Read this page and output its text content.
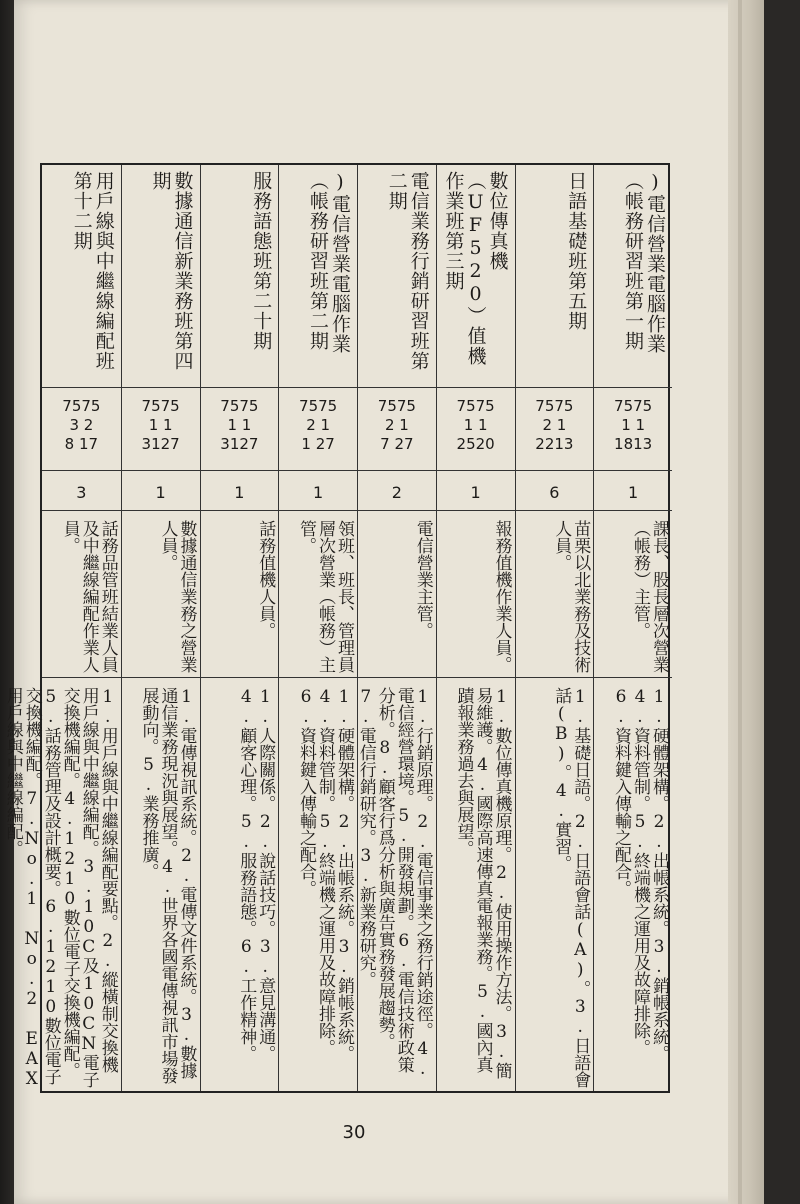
用戶線與中繼線編配班第十二期
7575
3 2
8 17
3
話務品管班結業人員及中繼線編配作業人員。
1.用戶線與中繼線編配要點。2.縱橫制交換機用戶線與中繼線編配。3.10C及10CN電子交換機編配。4.1210數位電子交換機編配。5.話務管理及設計概要。6.1210數位電子交換機編配。7.No.1 No.2 EAX用戶線與中繼線編配。
數據通信新業務班第四期
7575
1 1
3127
1
數據通信業務之營業人員。
1.電傳視訊系統。2.電傳文件系統。3.數據通信業務現況與展望。4.世界各國電傳視訊市場發展動向。5.業務推廣。
服務語態班第二十期
7575
1 1
3127
1
話務值機人員。
1.人際關係。2.說話技巧。3.意見溝通。4.顧客心理。5.服務語態。6.工作精神。
)電信營業電腦作業（帳務研習班第二期
7575
2 1
1 27
1
領班、班長、管理員層次營業（帳務）主管。
1.硬體架構。2.出帳系統。3.銷帳系統。4.資料管制。5.終端機之運用及故障排除。6.資料鍵入傳輸之配合。
電信業務行銷研習班第二期
7575
2 1
7 27
2
電信營業主管。
1.行銷原理。2.電信事業之務行銷途徑。4.電信經營環境。5.開發規劃。6.電信技術政策分析。8.顧客行爲分析與廣告實務發展趨勢。7.電信行銷研究。3.新業務研究。
數位傳真機（UF520）值機作業班第三期
7575
1 1
2520
1
報務值機作業人員。
1.數位傳真機原理。2.使用操作方法。3.簡易維護。4.國際高速傳真電報業務。5.國內真蹟報業務過去與展望。
日語基礎班第五期
7575
2 1
2213
6
苗栗以北業務及技術人員。
1.基礎日語。2.日語會話(A)。3.日語會話(B)。4.實習。
)電信營業電腦作業（帳務研習班第一期
7575
1 1
1813
1
課長、股長層次營業（帳務）主管。
1.硬體架構。2.出帳系統。3.銷帳系統。4.資料管制。5.終端機之運用及故障排除。6.資料鍵入傳輸之配合。
30
